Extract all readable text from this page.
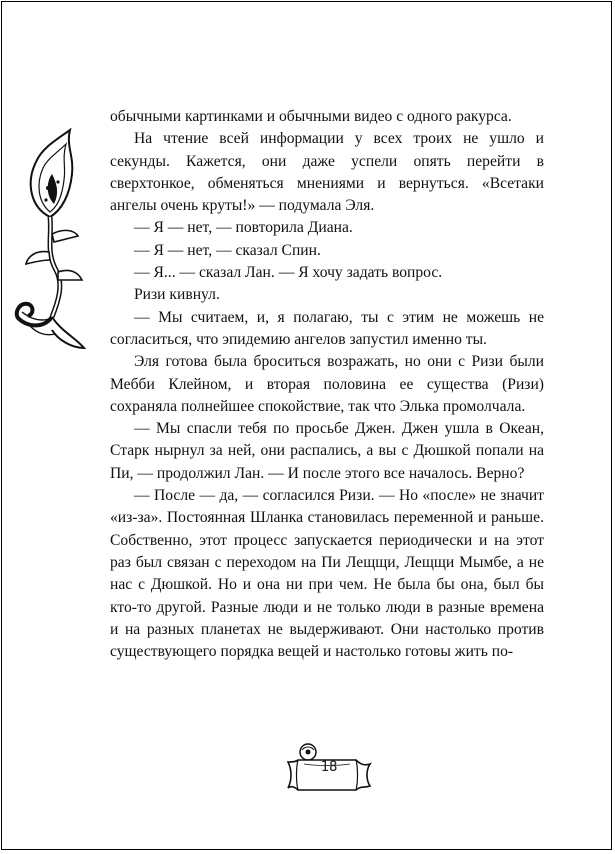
обычными картинками и обычными видео с одного ракурса.

На чтение всей информации у всех троих не ушло и секунды. Кажется, они даже успели опять перейти в сверхтонкое, обменяться мнениями и вернуться. «Всетаки ангелы очень круты!» — подумала Эля.

— Я — нет, — повторила Диана.

— Я — нет, — сказал Спин.

— Я... — сказал Лан. — Я хочу задать вопрос.

Ризи кивнул.

— Мы считаем, и, я полагаю, ты с этим не можешь не согласиться, что эпидемию ангелов запустил именно ты.

Эля готова была броситься возражать, но они с Ризи были Мебби Клейном, и вторая половина ее существа (Ризи) сохраняла полнейшее спокойствие, так что Элька промолчала.

— Мы спасли тебя по просьбе Джен. Джен ушла в Океан, Старк нырнул за ней, они распались, а вы с Дюшкой попали на Пи, — продолжил Лан. — И после этого все началось. Верно?

— После — да, — согласился Ризи. — Но «после» не значит «из-за». Постоянная Шланка становилась переменной и раньше. Собственно, этот процесс запускается периодически и на этот раз был связан с переходом на Пи Лещщи, Лещщи Мымбе, а не нас с Дюшкой. Но и она ни при чем. Не была бы она, был бы кто-то другой. Разные люди и не только люди в разные времена и на разных планетах не выдерживают. Они настолько против существующего порядка вещей и настолько готовы жить по-

18
